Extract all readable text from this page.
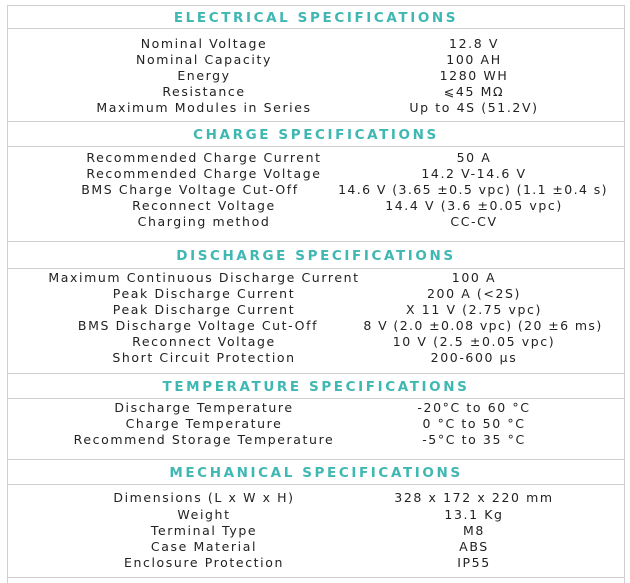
ELECTRICAL SPECIFICATIONS
Nominal Voltage	12.8 V
Nominal Capacity	100 AH
Energy	1280 WH
Resistance	⩽45 MΩ
Maximum Modules in Series	Up to 4S (51.2V)
CHARGE SPECIFICATIONS
Recommended Charge Current	50 A
Recommended Charge Voltage	14.2 V-14.6 V
BMS Charge Voltage Cut-Off	14.6 V (3.65 ±0.5 vpc) (1.1 ±0.4 s)
Reconnect Voltage	14.4 V (3.6 ±0.05 vpc)
Charging method	CC-CV
DISCHARGE SPECIFICATIONS
Maximum Continuous Discharge Current	100 A
Peak Discharge Current	200 A (<2S)
Peak Discharge Current	X 11 V (2.75 vpc)
BMS Discharge Voltage Cut-Off	8 V (2.0 ±0.08 vpc) (20 ±6 ms)
Reconnect Voltage	10 V (2.5 ±0.05 vpc)
Short Circuit Protection	200-600 µs
TEMPERATURE SPECIFICATIONS
Discharge Temperature	-20°C to 60 °C
Charge Temperature	0 °C to 50 °C
Recommend Storage Temperature	-5°C to 35 °C
MECHANICAL SPECIFICATIONS
Dimensions (L x W x H)	328 x 172 x 220 mm
Weight	13.1 Kg
Terminal Type	M8
Case Material	ABS
Enclosure Protection	IP55
